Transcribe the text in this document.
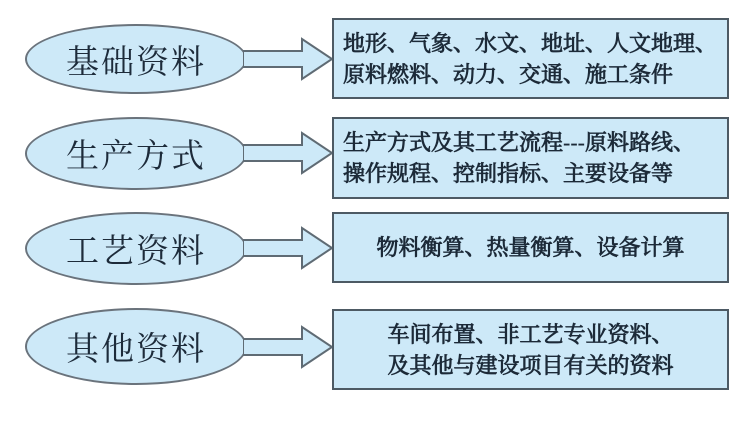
基础资料
地形、气象、水文、地址、人文地理、
原料燃料、动力、交通、施工条件
生产方式	生产方式及其工艺流程---原料路线、
操作规程、控制指标、主要设备等
工艺资料	物料衡算、热量衡算、设备计算
其他资料	车间布置、非工艺专业资料、
及其他与建设项目有关的资料
